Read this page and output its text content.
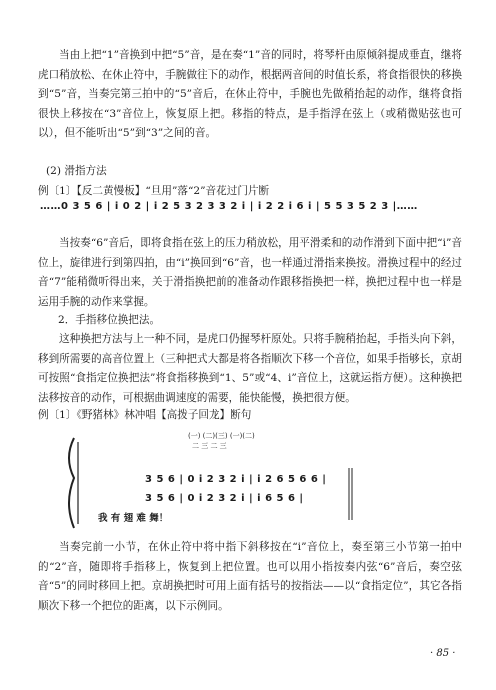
当由上把“1”音换到中把“5”音，是在奏“1”音的同时，将琴杆由原倾斜提成垂直，继将虎口稍放松、在休止符中，手腕做往下的动作，根据两音间的时值长系，将食指很快的移换到“5”音，当奏完第三拍中的“5”音后，在休止符中，手腕也先做稍抬起的动作，继将食指很快上移按在“3”音位上，恢复原上把。移指的特点，是手指浮在弦上（或稍微贴弦也可以），但不能听出“5”到“3”之间的音。

(2) 滑指方法
例〔1〕【反二黄慢板】“旦用”落“2”音花过门片断
……0 3 5 6 | i 0 2 | i 2 5 3 2 3 3 2 i | i 2 2 i 6 i | 5 5 3 5 2 3 |……

当按奏“6”音后，即将食指在弦上的压力稍放松，用平滑柔和的动作滑到下面中把“i”音位上，旋律进行到第四拍，由“i”换回到“6”音，也一样通过滑指来换按。滑换过程中的经过音“7”能稍微听得出来，关于滑指换把前的准备动作跟移指换把一样，换把过程中也一样是运用手腕的动作来掌握。

2．手指移位换把法。

这种换把方法与上一种不同，是虎口仍握琴杆原处。只将手腕稍抬起，手指头向下斜，移到所需要的高音位置上（三种把式大都是将各指顺次下移一个音位，如果手指够长，京胡可按照“食指定位换把法”将食指移换到“1、5”或“4、i”音位上，这就运指方便）。这种换把法移按音的动作，可根据曲调速度的需要，能快能慢，换把很方便。

例〔1〕《野猪林》林冲唱【高拨子回龙】断句
(一) (二)(三) (一)(二)
二 三 二 三
3 5 6 | 0 i 2 3 2 i | i 2 6 5 6 6 |
3 5 6 | 0 i 2 3 2 i | i 6 5 6 |
我 有 翅 难 舞！

当奏完前一小节，在休止符中将中指下斜移按在“i”音位上，奏至第三小节第一拍中的“2”音，随即将手指移上，恢复到上把位置。也可以用小指按奏内弦“6”音后，奏空弦音“5”的同时移回上把。京胡换把时可用上面有括号的按指法——以“食指定位”，其它各指顺次下移一个把位的距离，以下示例同。

· 85 ·
